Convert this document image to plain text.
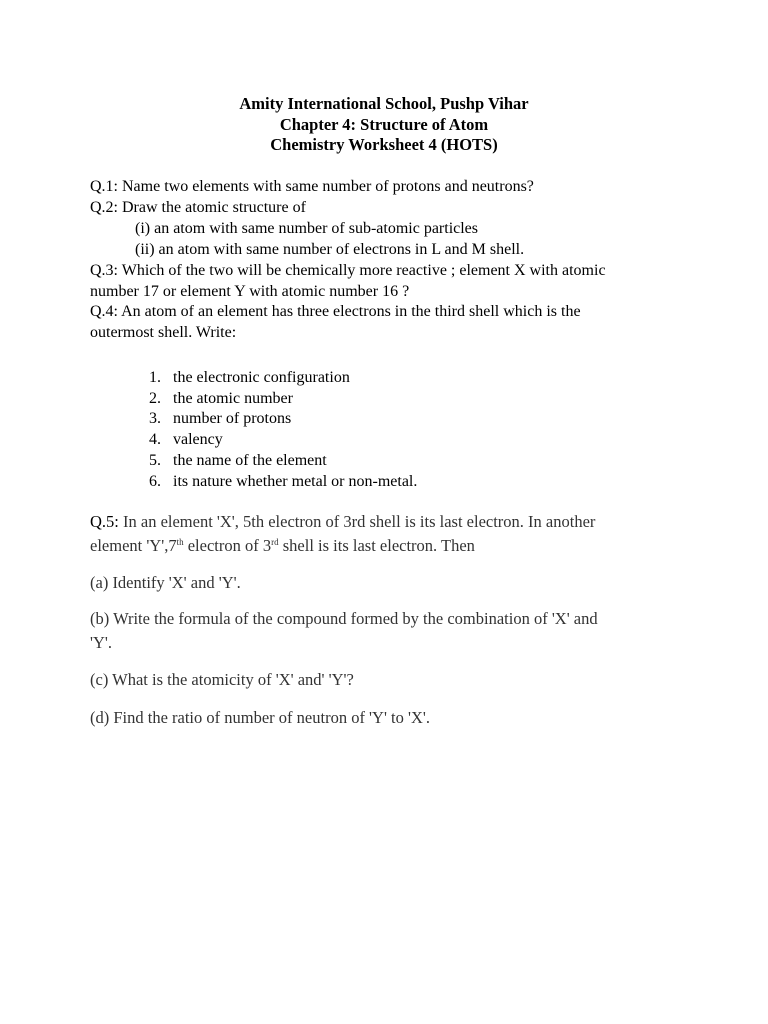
Amity International School, Pushp Vihar
Chapter 4: Structure of Atom
Chemistry Worksheet 4 (HOTS)
Q.1: Name two elements with same number of protons and neutrons?
Q.2: Draw the atomic structure of
(i) an atom with same number of sub-atomic particles
(ii) an atom with same number of electrons in L and M shell.
Q.3: Which of the two will be chemically more reactive ; element X with atomic
number 17 or element Y with atomic number 16 ?
Q.4: An atom of an element has three electrons in the third shell which is the
outermost shell. Write:
1. the electronic configuration
2. the atomic number
3. number of protons
4. valency
5. the name of the element
6. its nature whether metal or non-metal.
Q.5: In an element 'X', 5th electron of 3rd shell is its last electron. In another
element 'Y',7th electron of 3rd shell is its last electron. Then
(a) Identify 'X' and 'Y'.
(b) Write the formula of the compound formed by the combination of 'X' and
'Y'.
(c) What is the atomicity of 'X' and' 'Y'?
(d) Find the ratio of number of neutron of 'Y' to 'X'.
